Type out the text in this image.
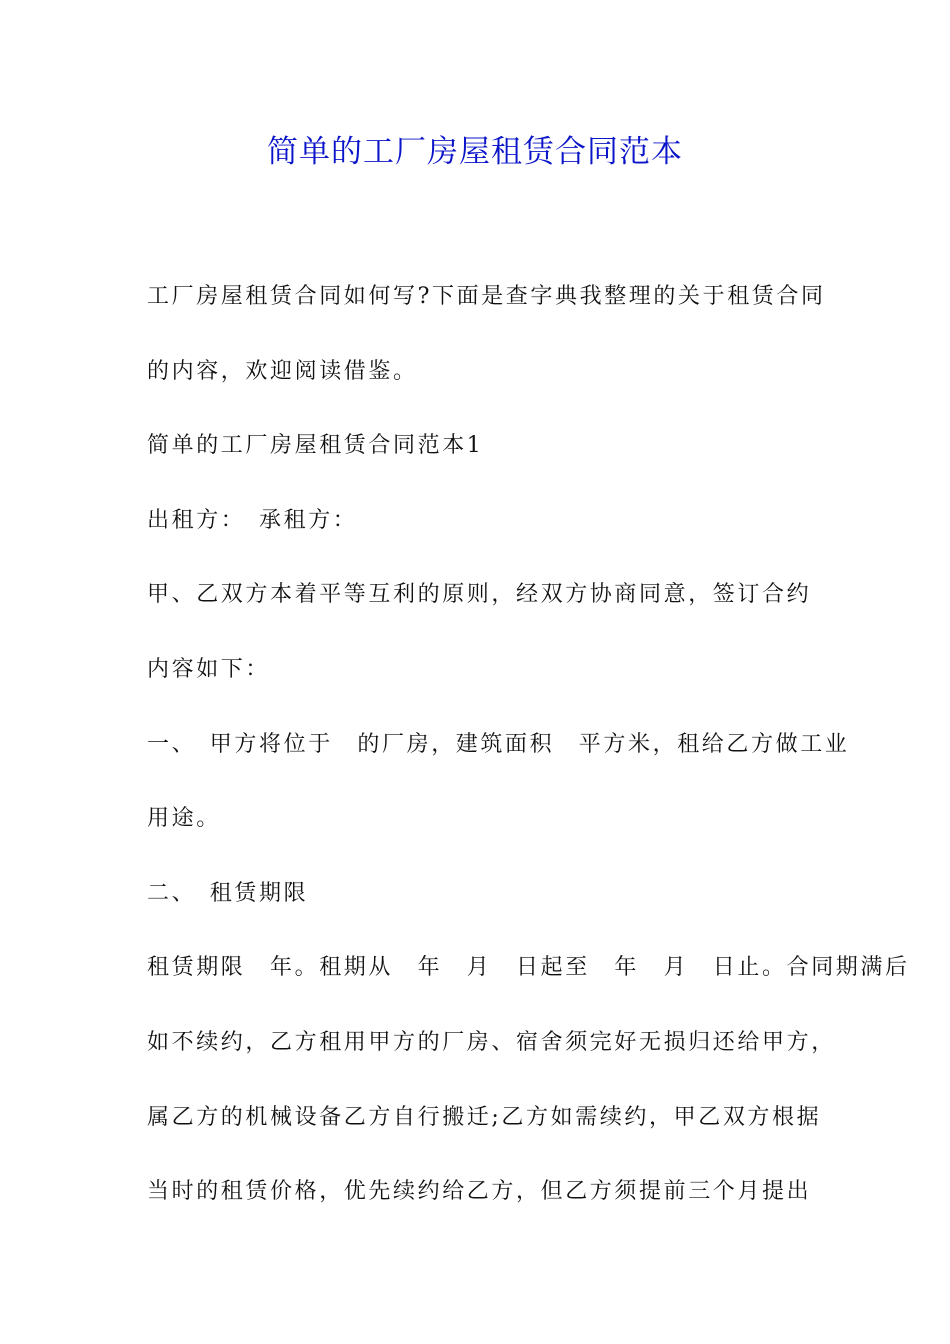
简单的工厂房屋租赁合同范本
工厂房屋租赁合同如何写?下面是查字典我整理的关于租赁合同
的内容，欢迎阅读借鉴。
简单的工厂房屋租赁合同范本1
出租方：　承租方：
甲、乙双方本着平等互利的原则，经双方协商同意，签订合约
内容如下：
一、　甲方将位于　的厂房，建筑面积　平方米，租给乙方做工业
用途。
二、　租赁期限
租赁期限　年。租期从　年　月　日起至　年　月　日止。合同期满后
如不续约，乙方租用甲方的厂房、宿舍须完好无损归还给甲方，
属乙方的机械设备乙方自行搬迁;乙方如需续约，甲乙双方根据
当时的租赁价格，优先续约给乙方，但乙方须提前三个月提出
